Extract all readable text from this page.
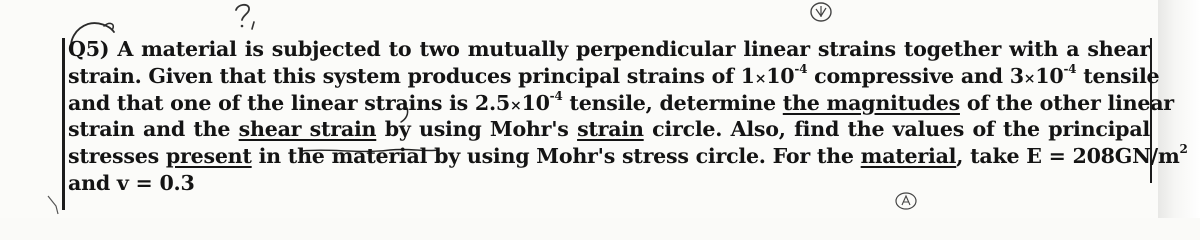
Q5) A material is subjected to two mutually perpendicular linear strains together with a shear
strain. Given that this system produces principal strains of $1\times 10^{-4}$ compressive and $3\times 10^{-4}$ tensile
and that one of the linear strains is $2.5\times 10^{-4}$ tensile, determine the magnitudes of the other linear
strain and the shear strain by using Mohr's strain circle. Also, find the values of the principal
stresses present in the material by using Mohr's stress circle. For the material, take $E = 208GN/m^2$
and v = 0.3
